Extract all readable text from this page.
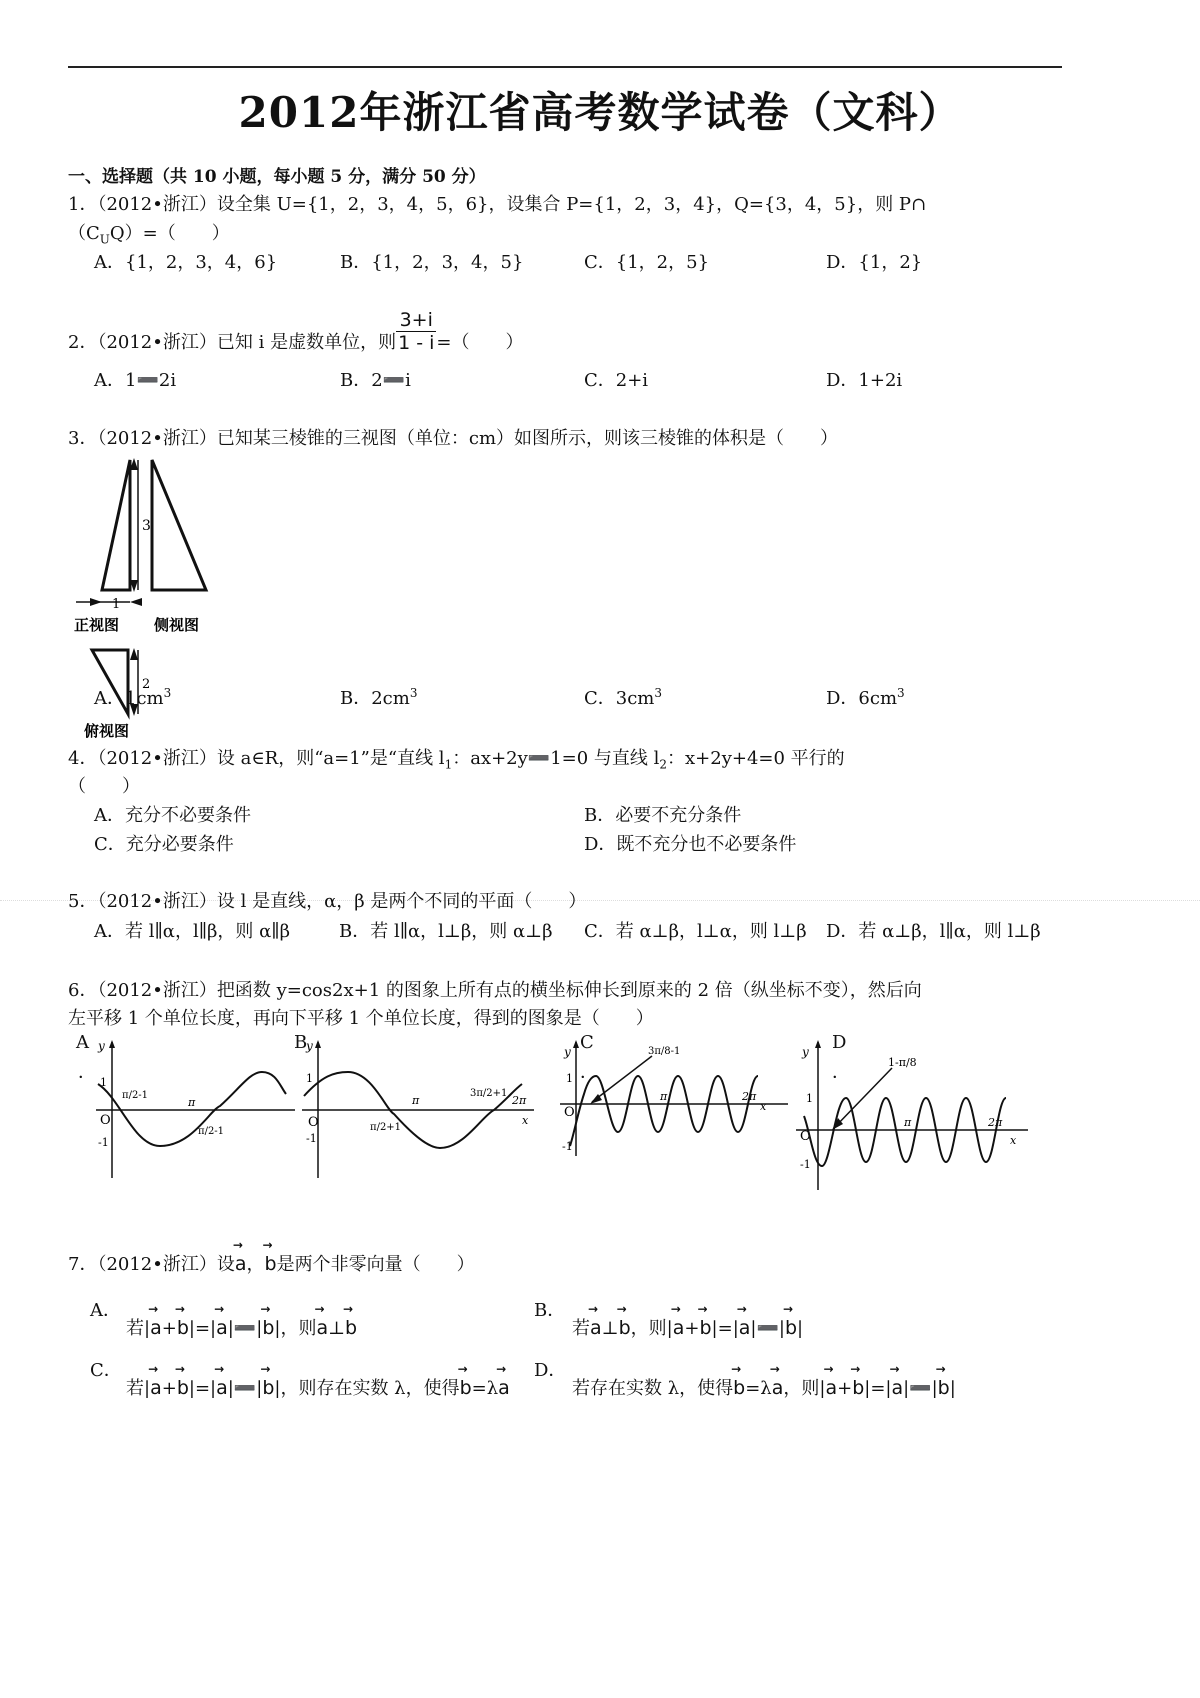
2012年浙江省高考数学试卷（文科）
一、选择题（共 10 小题，每小题 5 分，满分 50 分）
1．（2012•浙江）设全集 U={1，2，3，4，5，6}，设集合 P={1，2，3，4}，Q={3，4，5}，则 P∩
$(C_UQ)=$（　　）
A．{1，2，3，4，6}	B．{1，2，3，4，5}	C．{1，2，5}	D．{1，2}
2．（2012•浙江）已知 i 是虚数单位，则 $\frac{3+i}{1 - i}$ =（　　）
A．1➖2i	B．2➖i	C．2+i	D．1+2i
3．（2012•浙江）已知某三棱锥的三视图（单位：cm）如图所示，则该三棱锥的体积是（　　）
3
1
正视图 侧视图
2
俯视图
A．$1cm^3$	B．$2cm^3$	C．$3cm^3$	D．$6cm^3$
4．（2012•浙江）设 a∈R，则“a=1”是“直线 $l_1$：ax+2y➖1=0 与直线 $l_2$：x+2y+4=0 平行的
（　　）
A．充分不必要条件	B．必要不充分条件
C．充分必要条件	D．既不充分也不必要条件
5．（2012•浙江）设 l 是直线，α，β 是两个不同的平面（　　）
A．若 l∥α，l∥β，则 α∥β	B．若 l∥α，l⊥β，则 α⊥β C．若 α⊥β，l⊥α，则 l⊥β D．若 α⊥β，l∥α，则 l⊥β
6．（2012•浙江）把函数 y=cos2x+1 的图象上所有点的横坐标伸长到原来的 2 倍（纵坐标不变），然后向
左平移 1 个单位长度，再向下平移 1 个单位长度，得到的图象是（　　）
A
．
B	C
．
D
．
y
1
-1
O
π
π/2-1
π/2-1
y
1
-1
O
π	2π
x
π/2+1
3π/2+1
y
1
-1
O
π	2π
x
3π/8-1	y
1
-1
O
π	2π
x
1-π/8
7．（2012•浙江）设→ a，→ b是两个非零向量（　　）
A．
若|→ a+→ b|=|→ a|➖|→ b|，则→ a⊥→ b
B．
若→ a⊥→ b，则|→ a+→ b|=|→ a|➖|→ b|
C．
若|→ a+→ b|=|→ a|➖|→ b|，则存在实数 λ，使得→ b=λ→ a
D．
若存在实数 λ，使得→ b=λ→ a，则|→ a+→ b|=|→ a|➖|→ b|
